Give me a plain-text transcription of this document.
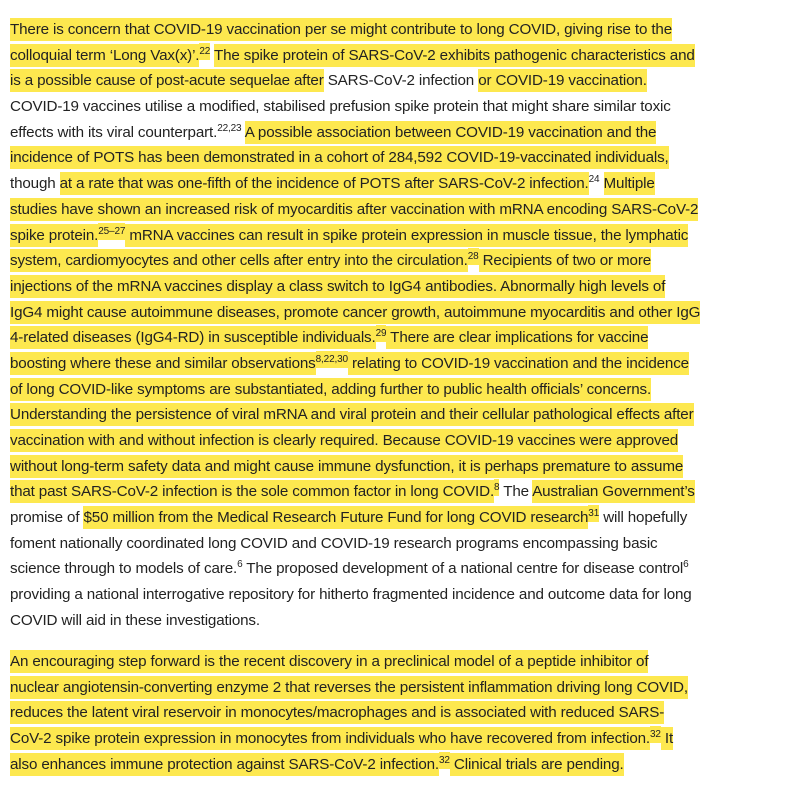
There is concern that COVID-19 vaccination per se might contribute to long COVID, giving rise to the
colloquial term ‘Long Vax(x)’.$^{22}$ The spike protein of SARS-CoV-2 exhibits pathogenic characteristics and
is a possible cause of post-acute sequelae after SARS-CoV-2 infection or COVID-19 vaccination.
COVID-19 vaccines utilise a modified, stabilised prefusion spike protein that might share similar toxic
effects with its viral counterpart.$^{22,23}$ A possible association between COVID-19 vaccination and the
incidence of POTS has been demonstrated in a cohort of 284,592 COVID-19-vaccinated individuals,
though at a rate that was one-fifth of the incidence of POTS after SARS-CoV-2 infection.$^{24}$ Multiple
studies have shown an increased risk of myocarditis after vaccination with mRNA encoding SARS-CoV-2
spike protein.$^{25-27}$ mRNA vaccines can result in spike protein expression in muscle tissue, the lymphatic
system, cardiomyocytes and other cells after entry into the circulation.$^{28}$ Recipients of two or more
injections of the mRNA vaccines display a class switch to IgG4 antibodies. Abnormally high levels of
IgG4 might cause autoimmune diseases, promote cancer growth, autoimmune myocarditis and other IgG
4-related diseases (IgG4-RD) in susceptible individuals.$^{29}$ There are clear implications for vaccine
boosting where these and similar observations$^{8,22,30}$ relating to COVID-19 vaccination and the incidence
of long COVID-like symptoms are substantiated, adding further to public health officials’ concerns.
Understanding the persistence of viral mRNA and viral protein and their cellular pathological effects after
vaccination with and without infection is clearly required. Because COVID-19 vaccines were approved
without long-term safety data and might cause immune dysfunction, it is perhaps premature to assume
that past SARS-CoV-2 infection is the sole common factor in long COVID.$^8$ The Australian Government’s
promise of $50 million from the Medical Research Future Fund for long COVID research$^{31}$ will hopefully
foment nationally coordinated long COVID and COVID-19 research programs encompassing basic
science through to models of care.$^6$ The proposed development of a national centre for disease control$^6$
providing a national interrogative repository for hitherto fragmented incidence and outcome data for long
COVID will aid in these investigations.
An encouraging step forward is the recent discovery in a preclinical model of a peptide inhibitor of
nuclear angiotensin-converting enzyme 2 that reverses the persistent inflammation driving long COVID,
reduces the latent viral reservoir in monocytes/macrophages and is associated with reduced SARS-
CoV-2 spike protein expression in monocytes from individuals who have recovered from infection.$^{32}$ It
also enhances immune protection against SARS-CoV-2 infection.$^{32}$ Clinical trials are pending.
